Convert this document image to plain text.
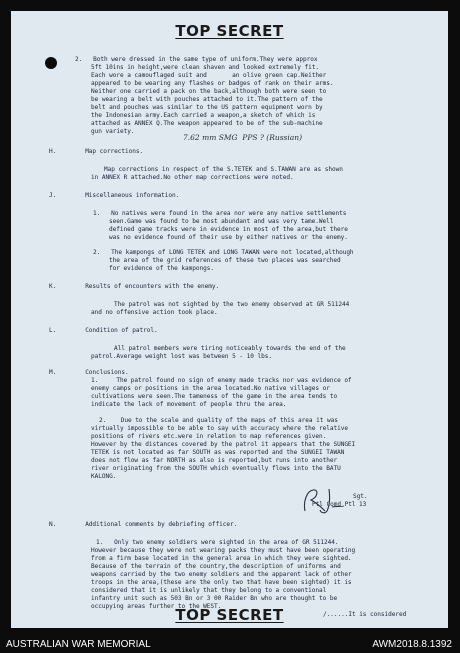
TOP SECRET
2.   Both were dressed in the same type of uniform.They were approx
5ft 10ins in height,were clean shaven and looked extremely fit.
Each wore a camouflaged suit and       an olive green cap.Neither
appeared to be wearing any flashes or badges of rank on their arms.
Neither one carried a pack on the back,although both were seen to
be wearing a belt with pouches attached to it.The pattern of the
belt and pouches was similar to the US pattern equipment worn by
the Indonesian army.Each carried a weapon,a sketch of which is
attached as ANNEX Q.The weapon appeared to be of the sub-machine
gun variety.
H.        Map corrections.
Map corrections in respect of the S.TETEK and S.TAWAN are as shown
in ANNEX R attached.No other map corrections were noted.
J.        Miscellaneous information.
1.   No natives were found in the area nor were any native settlements
seen.Game was found to be most abundant and was very tame.Well
defined game tracks were in evidence in most of the area,but there
was no evidence found of their use by either natives or the enemy.
2.   The kampongs of LONG TETEK and LONG TAWAN were not located,although
the area of the grid references of these two places was searched
for evidence of the kampongs.
K.        Results of encounters with the enemy.
The patrol was not sighted by the two enemy observed at GR 511244
and no offensive action took place.
L.        Condition of patrol.
All patrol members were tiring noticeably towards the end of the
patrol.Average weight lost was between 5 - 10 lbs.
M.        Conclusions.
1.     The patrol found no sign of enemy made tracks nor was evidence of
enemy camps or positions in the area located.No native villages or
cultivations were seen.The tameness of the game in the area tends to
indicate the lack of movement of people thru the area.
2.    Due to the scale and quality of the maps of this area it was
virtually impossible to be able to say with accuracy where the relative
positions of rivers etc.were in relation to map references given.
However by the distances covered by the patrol it appears that the SUNGEI
TETEK is not located as far SOUTH as was reported and the SUNGEI TAWAN
does not flow as far NORTH as also is reported,but runs into another
river originating from the SOUTH which eventually flows into the BATU
KALONG.
Sgt.
Ptl Comd Ptl 13
N.        Additional comments by debriefing officer.
1.   Only two enemy soldiers were sighted in the area of GR 511244.
However because they were not wearing packs they must have been operating
from a firm base located in the general area in which they were sighted.
Because of the terrain of the country,the description of uniforms and
weapons carried by the two enemy soldiers and the apparent lack of other
troops in the area,(these are the only two that have been sighted) it is
considered that it is unlikely that they belong to a conventional
infantry unit such as 503 Bn or 3 00 Raider Bn who are thought to be
occupying areas further to the WEST.
/......It is considered
7.62 mm SMG  PPS ? (Russian)
TOP SECRET
AUSTRALIAN WAR MEMORIAL	AWM2018.8.1392
